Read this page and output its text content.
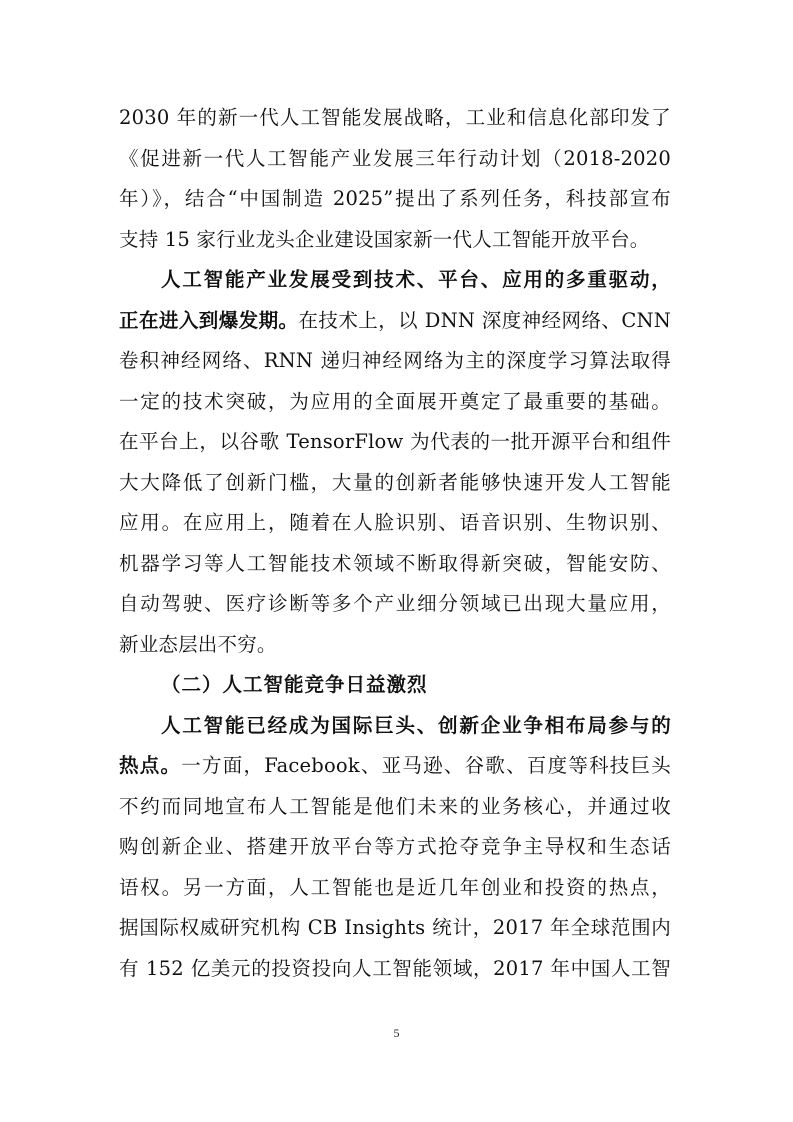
2030 年的新一代人工智能发展战略，工业和信息化部印发了
《促进新一代人工智能产业发展三年行动计划（2018-2020
年）》，结合“中国制造 2025”提出了系列任务，科技部宣布
支持 15 家行业龙头企业建设国家新一代人工智能开放平台。
人工智能产业发展受到技术、平台、应用的多重驱动，
正在进入到爆发期。在技术上，以 DNN 深度神经网络、CNN
卷积神经网络、RNN 递归神经网络为主的深度学习算法取得
一定的技术突破，为应用的全面展开奠定了最重要的基础。
在平台上，以谷歌 TensorFlow 为代表的一批开源平台和组件
大大降低了创新门槛，大量的创新者能够快速开发人工智能
应用。在应用上，随着在人脸识别、语音识别、生物识别、
机器学习等人工智能技术领域不断取得新突破，智能安防、
自动驾驶、医疗诊断等多个产业细分领域已出现大量应用，
新业态层出不穷。
（二）人工智能竞争日益激烈
人工智能已经成为国际巨头、创新企业争相布局参与的
热点。一方面，Facebook、亚马逊、谷歌、百度等科技巨头
不约而同地宣布人工智能是他们未来的业务核心，并通过收
购创新企业、搭建开放平台等方式抢夺竞争主导权和生态话
语权。另一方面，人工智能也是近几年创业和投资的热点，
据国际权威研究机构 CB Insights 统计，2017 年全球范围内
有 152 亿美元的投资投向人工智能领域，2017 年中国人工智
5
